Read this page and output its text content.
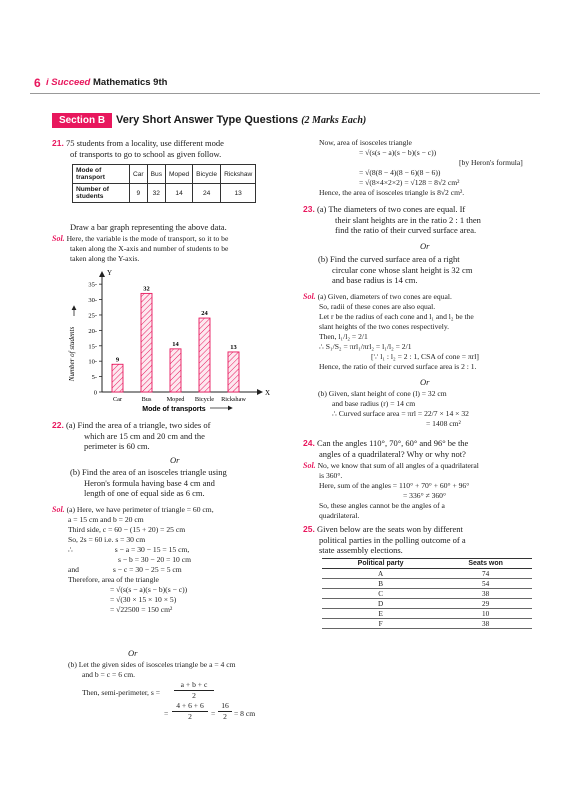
6 i Succeed Mathematics 9th
Section B Very Short Answer Type Questions (2 Marks Each)
21. 75 students from a locality, use different mode
of transports to go to school as given follow.
Mode of transport	Car	Bus	Moped	Bicycle	Rickshaw
Number of students	9	32	14	24	13
Draw a bar graph representing the above data.
Sol. Here, the variable is the mode of transport, so it to be
taken along the X-axis and number of students to be
taken along the Y-axis.
Number of students
Y
X
0
5-
10-
15-
20-
25-
30-
35-
9
Car
32
Bus
14
Moped
24
Bicycle
13
Rickshaw
Mode of transports
22. (a) Find the area of a triangle, two sides of
which are 15 cm and 20 cm and the
perimeter is 60 cm.
Or
(b) Find the area of an isosceles triangle using
Heron's formula having base 4 cm and
length of one of equal side as 6 cm.
Sol. (a) Here, we have perimeter of triangle = 60 cm,
a = 15 cm and b = 20 cm
Third side, c = 60 − (15 + 20) = 25 cm
So, 2s = 60 i.e. s = 30 cm
∴	s − a = 30 − 15 = 15 cm,
s − b = 30 − 20 = 10 cm
and	s − c = 30 − 25 = 5 cm
Therefore, area of the triangle
= √(s(s − a)(s − b)(s − c))
= √(30 × 15 × 10 × 5)
= √22500 = 150 cm²
Or
(b) Let the given sides of isosceles triangle be a = 4 cm
and b = c = 6 cm.
Then, semi-perimeter, $s = \frac{a + b + c}{2}$
= $\frac{4 + 6 + 6}{2} = \frac{16}{2} = 8$ cm
Now, area of isosceles triangle
= √(s(s − a)(s − b)(s − c))
[by Heron's formula]
= √(8(8 − 4)(8 − 6)(8 − 6))
= √(8×4×2×2) = √128 = 8√2 cm²
Hence, the area of isosceles triangle is 8√2 cm².
23. (a) The diameters of two cones are equal. If
their slant heights are in the ratio 2 : 1 then
find the ratio of their curved surface area.
Or
(b) Find the curved surface area of a right
circular cone whose slant height is 32 cm
and base radius is 14 cm.
Sol. (a) Given, diameters of two cones are equal.
So, radii of these cones are also equal.
Let r be the radius of each cone and l₁ and l₂ be the
slant heights of the two cones respectively.
Then, l₁/l₂ = 2/1
∴ S₁/S₂ = πrl₁/πrl₂ = l₁/l₂ = 2/1
[∵ l₁ : l₂ = 2 : 1, CSA of cone = πrl]
Hence, the ratio of their curved surface area is 2 : 1.
Or
(b) Given, slant height of cone (l) = 32 cm
and base radius (r) = 14 cm
∴ Curved surface area = πrl = 22/7 × 14 × 32
= 1408 cm²
24. Can the angles 110°, 70°, 60° and 96° be the
angles of a quadrilateral? Why or why not?
Sol. No, we know that sum of all angles of a quadrilateral
is 360°.
Here, sum of the angles = 110° + 70° + 60° + 96°
= 336° ≠ 360°
So, these angles cannot be the angles of a
quadrilateral.
25. Given below are the seats won by different
political parties in the polling outcome of a
state assembly elections.
Political party	Seats won
A	74
B	54
C	38
D	29
E	10
F	38
